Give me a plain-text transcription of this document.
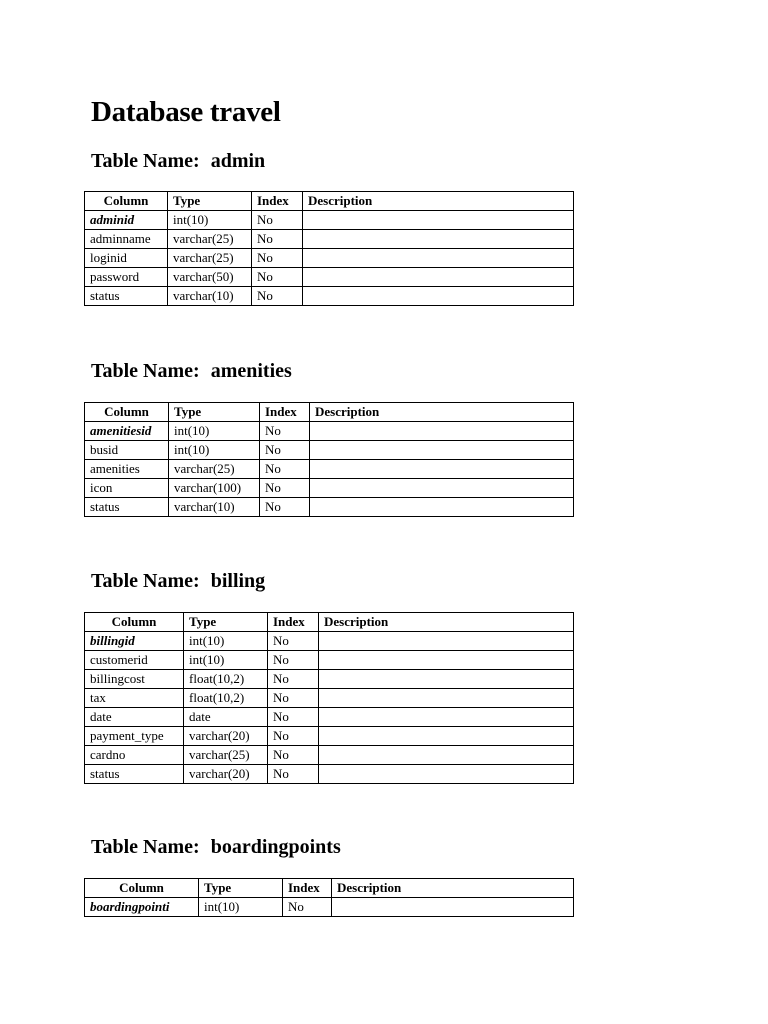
Database travel
Table Name: admin
Column	Type	Index	Description
adminid	int(10)	No	
adminname	varchar(25)	No	
loginid	varchar(25)	No	
password	varchar(50)	No	
status	varchar(10)	No	
Table Name: amenities
Column	Type	Index	Description
amenitiesid	int(10)	No	
busid	int(10)	No	
amenities	varchar(25)	No	
icon	varchar(100)	No	
status	varchar(10)	No	
Table Name: billing
Column	Type	Index	Description
billingid	int(10)	No	
customerid	int(10)	No	
billingcost	float(10,2)	No	
tax	float(10,2)	No	
date	date	No	
payment_type	varchar(20)	No	
cardno	varchar(25)	No	
status	varchar(20)	No	
Table Name: boardingpoints
Column	Type	Index	Description
boardingpointi	int(10)	No	
